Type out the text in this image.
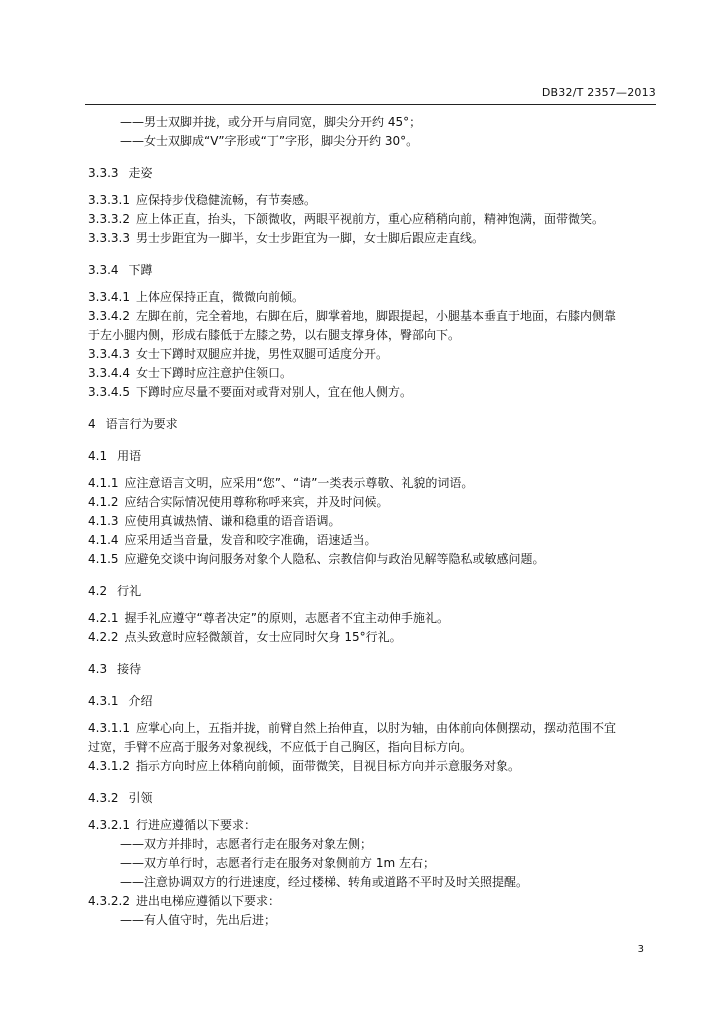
DB32/T 2357—2013

——男士双脚并拢，或分开与肩同宽，脚尖分开约 45°；

——女士双脚成“V”字形或“丁”字形，脚尖分开约 30°。

3.3.3 走姿

3.3.3.1 应保持步伐稳健流畅，有节奏感。

3.3.3.2 应上体正直，抬头，下颌微收，两眼平视前方，重心应稍稍向前，精神饱满，面带微笑。

3.3.3.3 男士步距宜为一脚半，女士步距宜为一脚，女士脚后跟应走直线。

3.3.4 下蹲

3.3.4.1 上体应保持正直，微微向前倾。

3.3.4.2 左脚在前，完全着地，右脚在后，脚掌着地，脚跟提起，小腿基本垂直于地面，右膝内侧靠

于左小腿内侧，形成右膝低于左膝之势，以右腿支撑身体，臀部向下。

3.3.4.3 女士下蹲时双腿应并拢，男性双腿可适度分开。

3.3.4.4 女士下蹲时应注意护住领口。

3.3.4.5 下蹲时应尽量不要面对或背对别人，宜在他人侧方。

4 语言行为要求

4.1 用语

4.1.1 应注意语言文明，应采用“您”、“请”一类表示尊敬、礼貌的词语。

4.1.2 应结合实际情况使用尊称称呼来宾，并及时问候。

4.1.3 应使用真诚热情、谦和稳重的语音语调。

4.1.4 应采用适当音量，发音和咬字准确，语速适当。

4.1.5 应避免交谈中询问服务对象个人隐私、宗教信仰与政治见解等隐私或敏感问题。

4.2 行礼

4.2.1 握手礼应遵守“尊者决定”的原则，志愿者不宜主动伸手施礼。

4.2.2 点头致意时应轻微颔首，女士应同时欠身 15°行礼。

4.3 接待

4.3.1 介绍

4.3.1.1 应掌心向上，五指并拢，前臂自然上抬伸直，以肘为轴，由体前向体侧摆动，摆动范围不宜

过宽，手臂不应高于服务对象视线，不应低于自己胸区，指向目标方向。

4.3.1.2 指示方向时应上体稍向前倾，面带微笑，目视目标方向并示意服务对象。

4.3.2 引领

4.3.2.1 行进应遵循以下要求：

——双方并排时，志愿者行走在服务对象左侧；

——双方单行时，志愿者行走在服务对象侧前方 1m 左右；

——注意协调双方的行进速度，经过楼梯、转角或道路不平时及时关照提醒。

4.3.2.2 进出电梯应遵循以下要求：

——有人值守时，先出后进；

3
